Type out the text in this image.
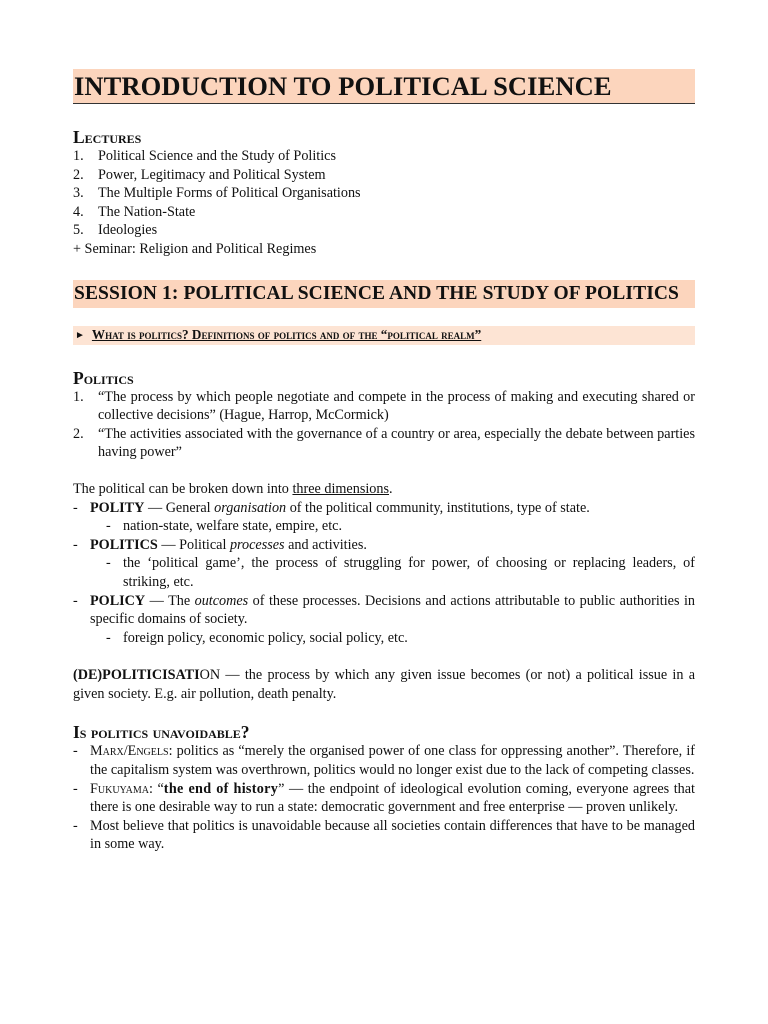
INTRODUCTION TO POLITICAL SCIENCE
Lectures
1. Political Science and the Study of Politics
2. Power, Legitimacy and Political System
3. The Multiple Forms of Political Organisations
4. The Nation-State
5. Ideologies

+ Seminar: Religion and Political Regimes

SESSION 1: POLITICAL SCIENCE AND THE STUDY OF POLITICS
► What is politics? Definitions of politics and of the “political realm”
Politics
1. “The process by which people negotiate and compete in the process of making and executing shared or collective decisions” (Hague, Harrop, McCormick)
2. “The activities associated with the governance of a country or area, especially the debate between parties having power”
The political can be broken down into three dimensions.
- POLITY — General organisation of the political community, institutions, type of state.
- nation-state, welfare state, empire, etc.
- POLITICS — Political processes and activities.
- the ‘political game’, the process of struggling for power, of choosing or replacing leaders, of striking, etc.
- POLICY — The outcomes of these processes. Decisions and actions attributable to public authorities in specific domains of society.
- foreign policy, economic policy, social policy, etc.
(DE)POLITICISATION — the process by which any given issue becomes (or not) a political issue in a given society. E.g. air pollution, death penalty.
Is politics unavoidable?
- Marx/Engels: politics as “merely the organised power of one class for oppressing another”. Therefore, if the capitalism system was overthrown, politics would no longer exist due to the lack of competing classes.
- Fukuyama: “the end of history” — the endpoint of ideological evolution coming, everyone agrees that there is one desirable way to run a state: democratic government and free enterprise — proven unlikely.
- Most believe that politics is unavoidable because all societies contain differences that have to be managed in some way.
